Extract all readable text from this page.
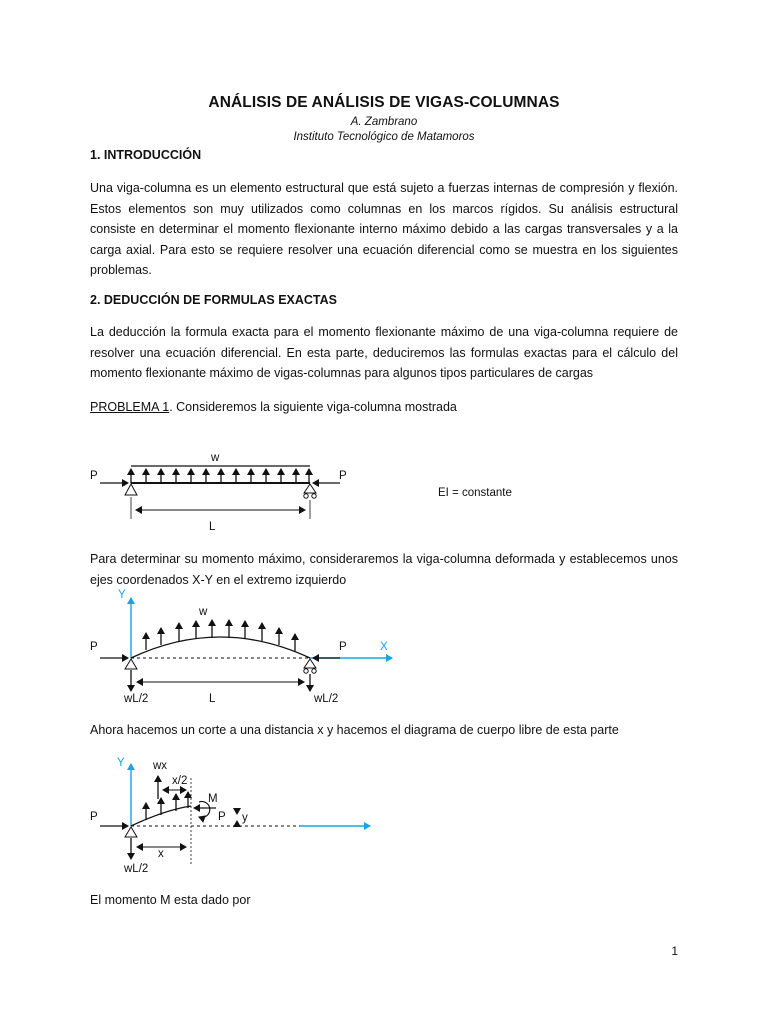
ANÁLISIS DE ANÁLISIS DE VIGAS-COLUMNAS
A. Zambrano
Instituto Tecnológico de Matamoros
1. INTRODUCCIÓN

Una viga-columna es un elemento estructural que está sujeto a fuerzas internas de compresión y flexión. Estos elementos son muy utilizados como columnas en los marcos rígidos. Su análisis estructural consiste en determinar el momento flexionante interno máximo debido a las cargas transversales y a la carga axial. Para esto se requiere resolver una ecuación diferencial como se muestra en los siguientes problemas.

2. DEDUCCIÓN DE FORMULAS EXACTAS

La deducción la formula exacta para el momento flexionante máximo de una viga-columna requiere de resolver una ecuación diferencial. En esta parte, deduciremos las formulas exactas para el cálculo del momento flexionante máximo de vigas-columnas para algunos tipos particulares de cargas

PROBLEMA 1. Consideremos la siguiente viga-columna mostrada
w
P	P
L
EI = constante

Para determinar su momento máximo, consideraremos la viga-columna deformada y establecemos unos ejes coordenados X-Y en el extremo izquierdo

Y
X
w
P	P
L
wL/2	wL/2
Ahora hacemos un corte a una distancia x y hacemos el diagrama de cuerpo libre de esta parte
Y wx
x/2
M
P y
P
x
wL/2
El momento M esta dado por
1
